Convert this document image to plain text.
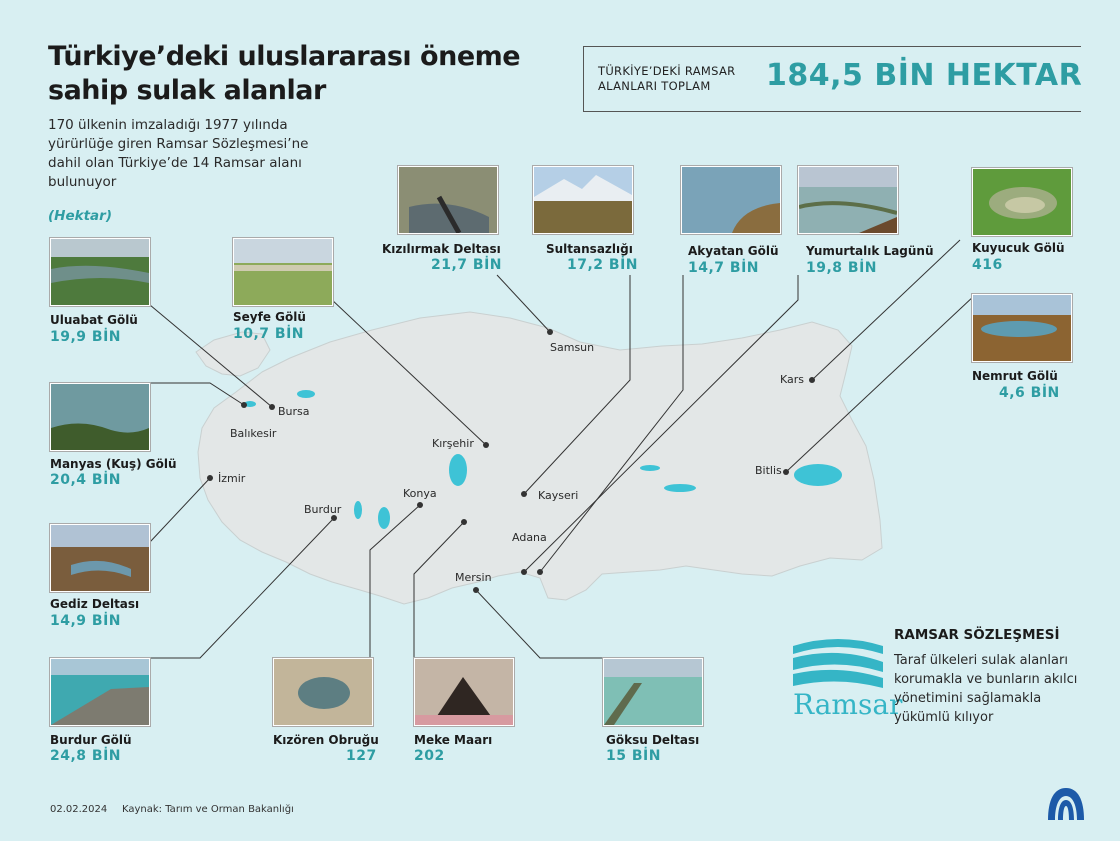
Türkiye’deki uluslararası öneme
sahip sulak alanlar
170 ülkenin imzaladığı 1977 yılında yürürlüğe giren Ramsar Sözleşmesi’ne dahil olan Türkiye’de 14 Ramsar alanı bulunuyor
(Hektar)
TÜRKİYE’DEKİ RAMSAR
ALANLARI TOPLAM	184,5 BİN HEKTAR
Samsun
Bursa
Balıkesir
Kırşehir
Kars
İzmir
Kayseri
Konya
Burdur
Bitlis
Adana
Mersin
Uluabat Gölü
19,9 BİN
Seyfe Gölü
10,7 BİN
Kızılırmak Deltası
21,7 BİN
Sultansazlığı
17,2 BİN
Akyatan Gölü
14,7 BİN
Yumurtalık Lagünü
19,8 BİN
Kuyucuk Gölü
416
Nemrut Gölü
4,6 BİN
Manyas (Kuş) Gölü
20,4 BİN
Gediz Deltası
14,9 BİN
Burdur Gölü
24,8 BİN
Kızören Obruğu
127
Meke Maarı
202
Göksu Deltası
15 BİN
Ramsar
RAMSAR SÖZLEŞMESİ
Taraf ülkeleri sulak alanları korumakla ve bunların akılcı yönetimini sağlamakla yükümlü kılıyor
02.02.2024 Kaynak: Tarım ve Orman Bakanlığı
